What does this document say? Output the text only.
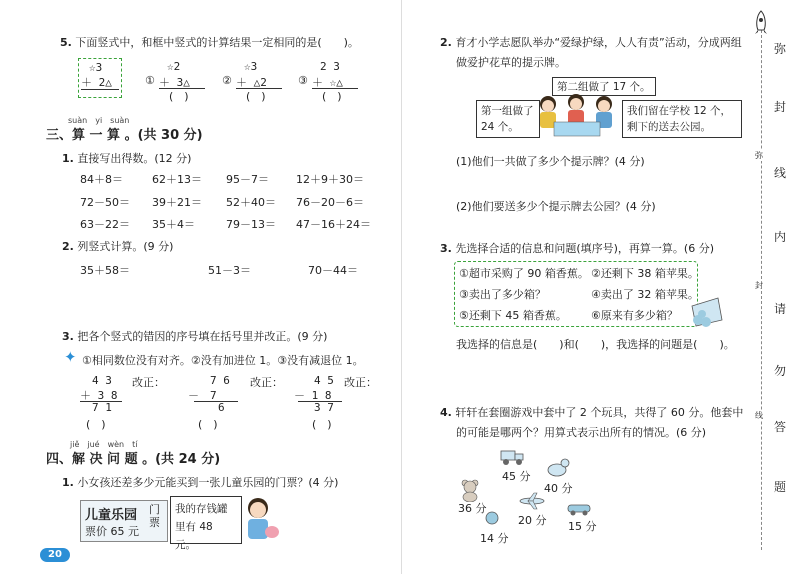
5. 下面竖式中，和框中竖式的计算结果一定相同的是(　　)。
☆3
＋ 2△
☆2
① ＋ 3△
(　)
☆3
② ＋ △2
(　)
2 3
③ ＋ ☆△
(　)
suàn　yi　suàn
三、算 一 算 。(共 30 分)
1. 直接写出得数。(12 分)
84＋8＝	62＋13＝ 95－7＝ 12＋9＋30＝
72－50＝ 39＋21＝ 52＋40＝ 76－20－6＝
63－22＝ 35＋4＝	79－13＝ 47－16＋24＝
2. 列竖式计算。(9 分)
35＋58＝	51－3＝	70－44＝
3. 把各个竖式的错因的序号填在括号里并改正。(9 分)
✦ ①相同数位没有对齐。②没有加进位 1。③没有减退位 1。
4 3 改正：
＋ 3 8
7 1
(　)
7 6 改正：
－　7
6
(　)
4 5 改正：
－ 1 8
3 7
(　)
jiě　jué　wèn　tí
四、解 决 问 题 。(共 24 分)
1. 小女孩还差多少元能买到一张儿童乐园的门票？(4 分)
儿童乐园
票价 65 元
门票
我的存钱罐里有 48 元。
20
2. 育才小学志愿队举办“爱绿护绿，人人有责”活动，分成两组
做爱护花草的提示牌。
第二组做了 17 个。
第一组做了 24 个。
我们留在学校 12 个，剩下的送去公园。
(1)他们一共做了多少个提示牌？(4 分)
(2)他们要送多少个提示牌去公园？(4 分)
3. 先选择合适的信息和问题(填序号)，再算一算。(6 分)
①超市采购了 90 箱香蕉。 ②还剩下 38 箱苹果。
③卖出了多少箱？	④卖出了 32 箱苹果。
⑤还剩下 45 箱香蕉。 ⑥原来有多少箱？
我选择的信息是(　　)和(　　)，我选择的问题是(　　)。
4. 轩轩在套圈游戏中套中了 2 个玩具，共得了 60 分。他套中
的可能是哪两个？用算式表示出所有的情况。(6 分)
45 分
40 分
36 分
20 分 15 分
14 分
弥
封
线
内
请
勿
答
题
弥
封
线
